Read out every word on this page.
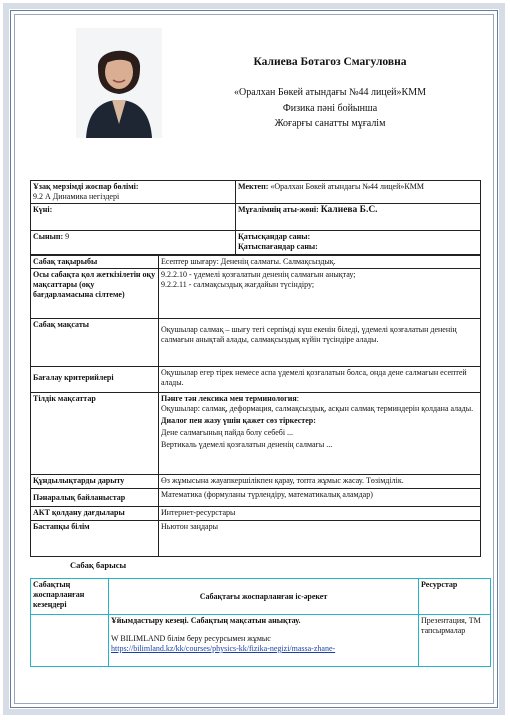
Калиева Ботагоз Смагуловна
«Оралхан Бөкей атындағы №44 лицей»КММ
Физика пәні бойынша
Жоғарғы санатты мұғалім
Ұзақ мерзімді жоспар бөлімі:
9.2 А Динамика негіздері	Мектеп: «Оралхан Бөкей атындағы №44 лицей»КММ
Күні:	Мұғалімнің аты-жөні: Калиева Б.С.
Сынып: 9	Қатысқандар саны:
Қатыспағандар саны:
Сабақ тақырыбы	Есептер шығару: Дененің салмағы. Салмақсыздық.
Осы сабақта қол жеткізілетін оқу мақсаттары (оқу бағдарламасына сілтеме)	9.2.2.10 - үдемелі қозғалатын дененің салмағын анықтау;
9.2.2.11 - салмақсыздық жағдайын түсіндіру;

Сабақ мақсаты	Оқушылар салмақ – шығу тегі серпімді күш екенін біледі, үдемелі қозғалатын дененің салмағын анықтай алады, салмақсыздық күйін түсіндіре алады.
Бағалау критерийлері	Оқушылар егер тірек немесе аспа үдемелі қозғалатын болса, онда дене салмағын есептей алады.
Тілдік мақсаттар	Пәнге тән лексика мен терминология:
Оқушылар: салмақ, деформация, салмақсыздық, асқын салмақ терминдерін қолдана алады.
Диалог пен жазу үшін қажет сөз тіркестер:
Дене салмағының пайда болу себебі ...
Вертикаль үдемелі қозғалатын дененің салмағы ...

Құндылықтарды дарыту	Өз жұмысына жауапкершілікпен қарау, топта жұмыс жасау. Төзімділік.
Пәнаралық байланыстар	Математика (формуланы түрлендіру, математикалық аламдар)
АКТ қолдану дағдылары	Интернет-ресурстары
Бастапқы білім	Ньютон заңдары
Сабақ барысы
Сабақтың жоспарланған кезеңдері	Сабақтағы жоспарланған іс-әрекет	Ресурстар

	Ұйымдастыру кезеңі. Сабақтың мақсатын анықтау.
W BILIMLAND білім беру ресурсымен жұмыс
https://bilimland.kz/kk/courses/physics-kk/fizika-negizi/massa-zhane-	Презентация, ТМ тапсырмалар
